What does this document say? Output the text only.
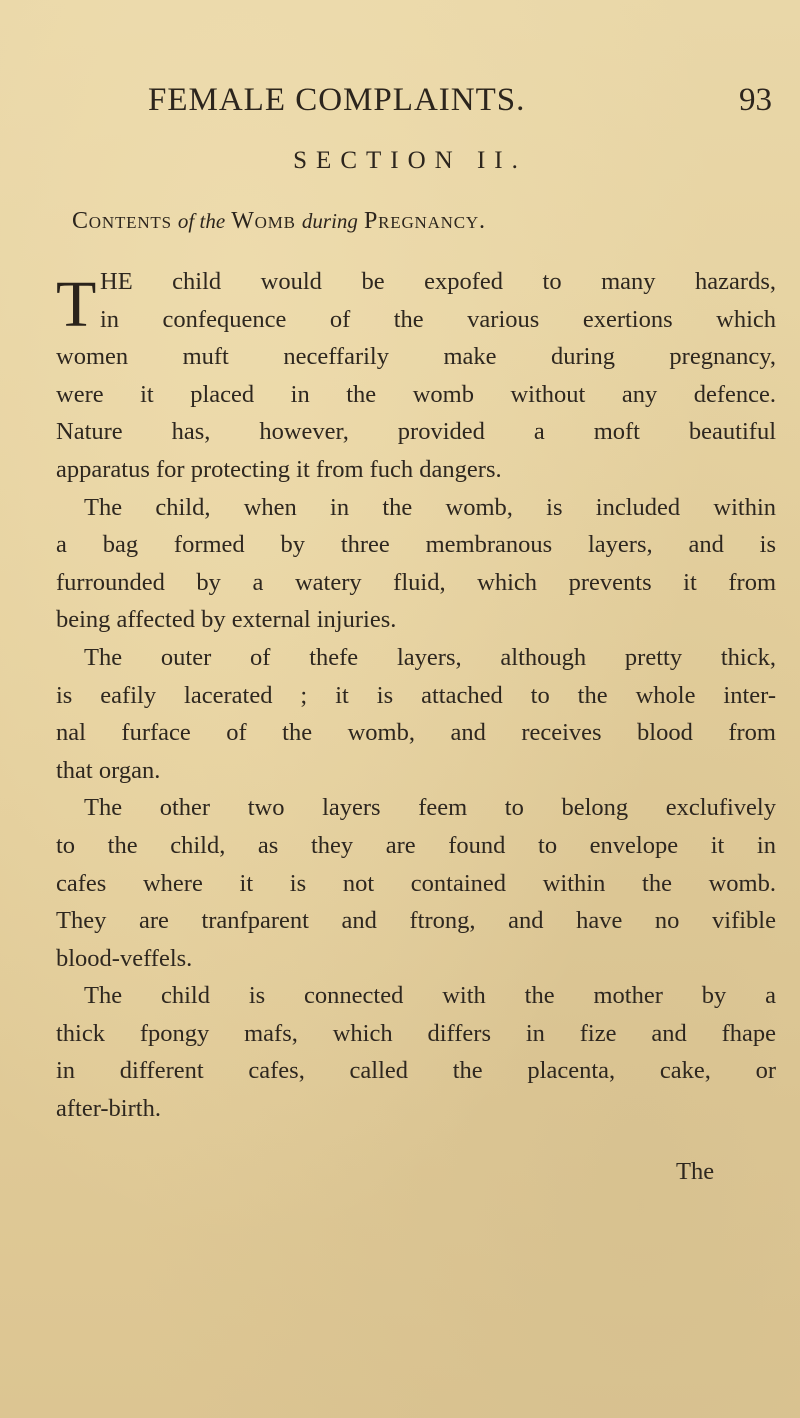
FEMALE COMPLAINTS.	93
SECTION II.
Contents of the Womb during Pregnancy.
T HE child would be expofed to many hazards,
in confequence of the various exertions which
women muft neceffarily make during pregnancy,
were it placed in the womb without any defence.
Nature has, however, provided a moft beautiful
apparatus for protecting it from fuch dangers.
The child, when in the womb, is included within
a bag formed by three membranous layers, and is
furrounded by a watery fluid, which prevents it from
being affected by external injuries.
The outer of thefe layers, although pretty thick,
is eafily lacerated ; it is attached to the whole inter-
nal furface of the womb, and receives blood from
that organ.
The other two layers feem to belong exclufively
to the child, as they are found to envelope it in
cafes where it is not contained within the womb.
They are tranfparent and ftrong, and have no vifible
blood-veffels.
The child is connected with the mother by a
thick fpongy mafs, which differs in fize and fhape
in different cafes, called the placenta, cake, or
after-birth.
The
